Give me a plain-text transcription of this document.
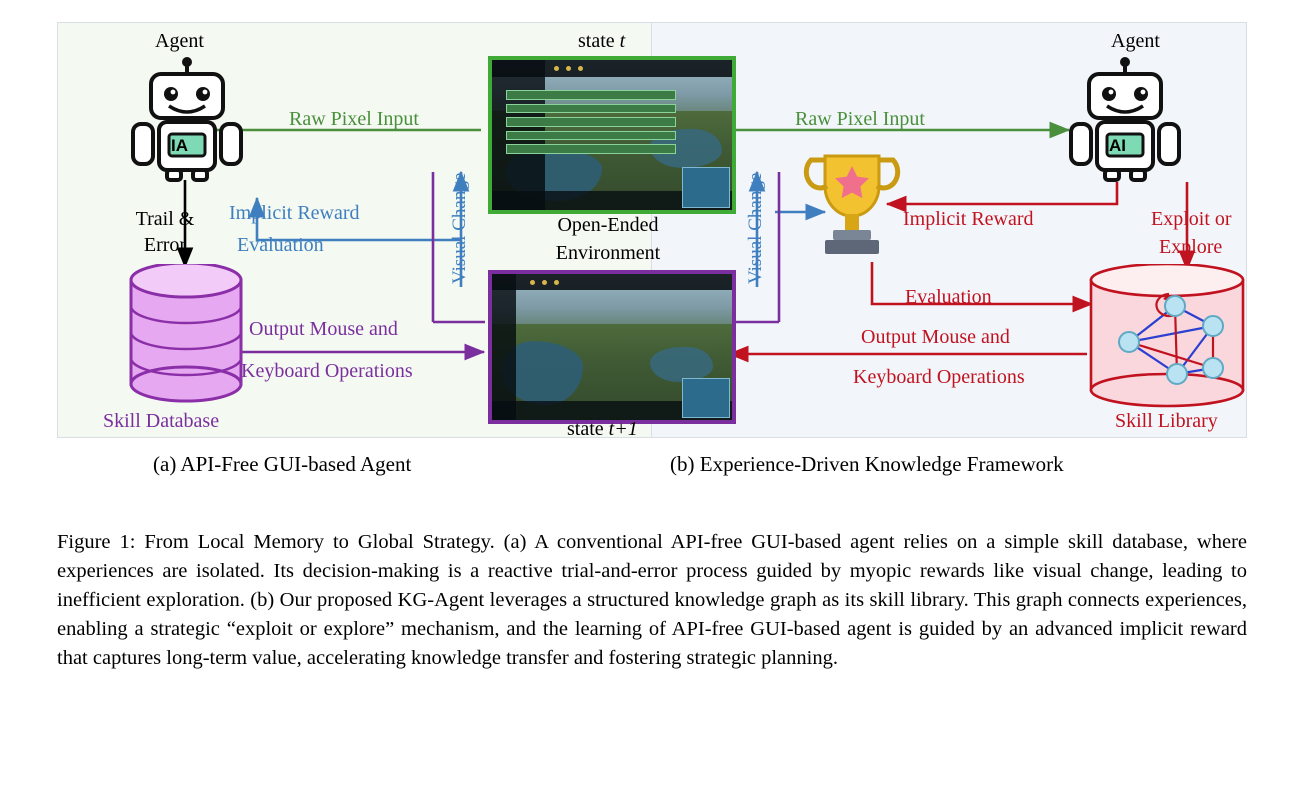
Agent
IA
Raw Pixel Input
Trail &
Error
Implicit Reward
Evaluation	Visual Change
Skill Database
Output Mouse and
Keyboard Operations
state t
Open-Ended
Environment
state t+1
Agent
AI
Raw Pixel Input
Visual Change	Implicit Reward
Evaluation
Exploit or
Explore
Output Mouse and
Keyboard Operations
Skill Library
(a) API-Free GUI-based Agent	(b) Experience-Driven Knowledge Framework
Figure 1: From Local Memory to Global Strategy. (a) A conventional API-free GUI-based agent relies on a simple skill database, where experiences are isolated. Its decision-making is a reactive trial-and-error process guided by myopic rewards like visual change, leading to inefficient exploration. (b) Our proposed KG-Agent leverages a structured knowledge graph as its skill library. This graph connects experiences, enabling a strategic “exploit or explore” mechanism, and the learning of API-free GUI-based agent is guided by an advanced implicit reward that captures long-term value, accelerating knowledge transfer and fostering strategic planning.
